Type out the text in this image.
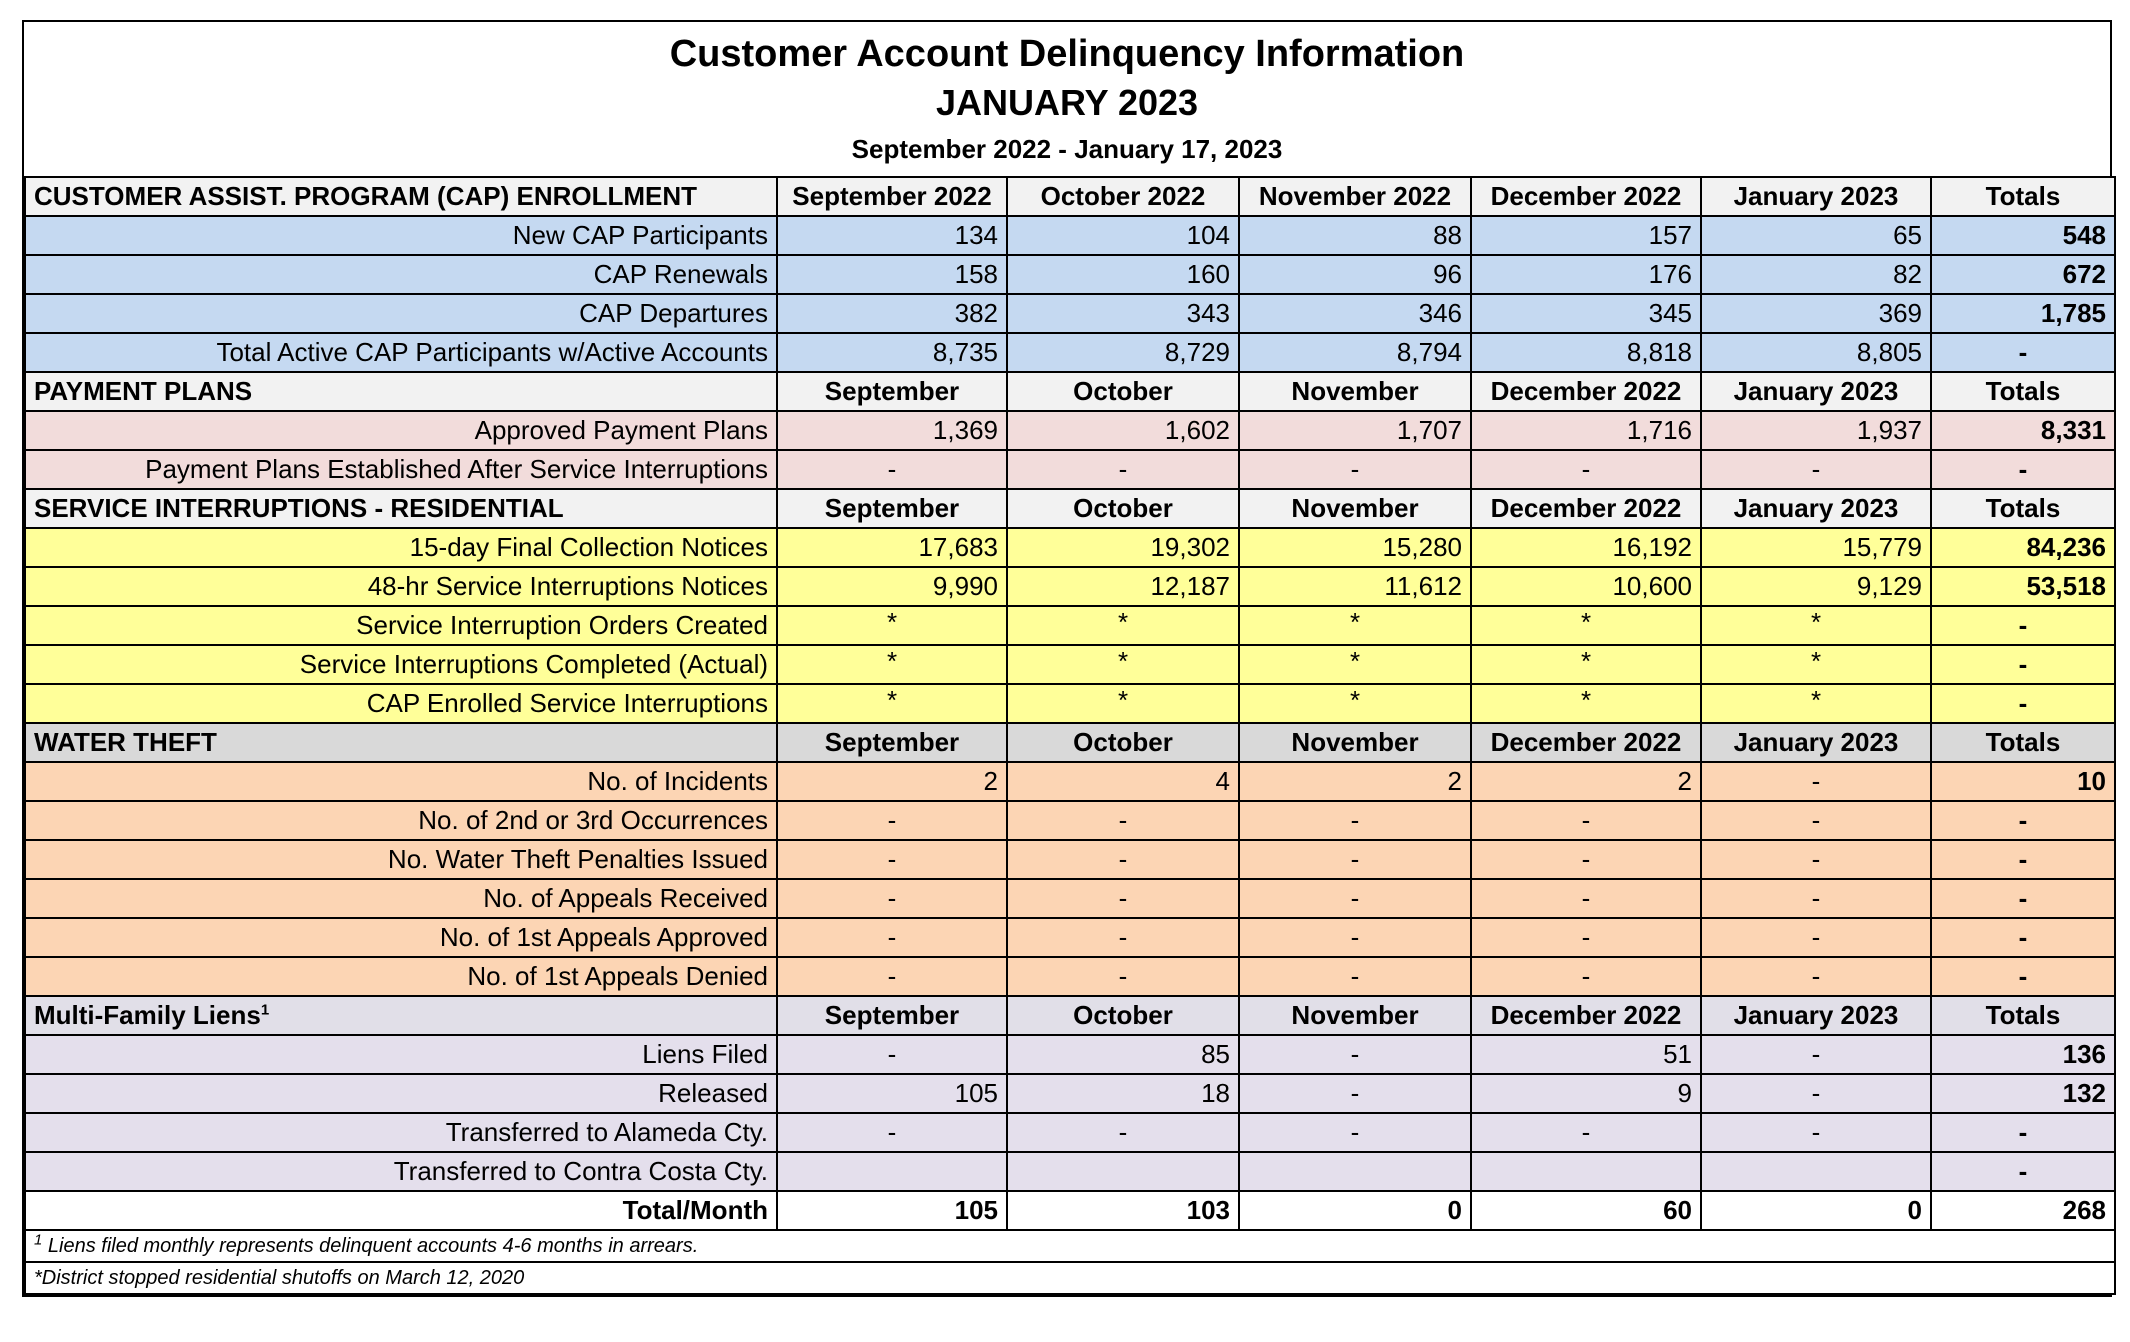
Customer Account Delinquency Information
JANUARY 2023
September 2022 - January 17, 2023
CUSTOMER ASSIST. PROGRAM (CAP) ENROLLMENT	September 2022	October 2022	November 2022	December 2022	January 2023	Totals
New CAP Participants	134	104	88	157	65	548
CAP Renewals	158	160	96	176	82	672
CAP Departures	382	343	346	345	369	1,785
Total Active CAP Participants w/Active Accounts	8,735	8,729	8,794	8,818	8,805	-
PAYMENT PLANS	September	October	November	December 2022	January 2023	Totals
Approved Payment Plans	1,369	1,602	1,707	1,716	1,937	8,331
Payment Plans Established After Service Interruptions	-	-	-	-	-	-
SERVICE INTERRUPTIONS - RESIDENTIAL	September	October	November	December 2022	January 2023	Totals
15-day Final Collection Notices	17,683	19,302	15,280	16,192	15,779	84,236
48-hr Service Interruptions Notices	9,990	12,187	11,612	10,600	9,129	53,518
Service Interruption Orders Created	*	*	*	*	*	-
Service Interruptions Completed (Actual)	*	*	*	*	*	-
CAP Enrolled Service Interruptions	*	*	*	*	*	-
WATER THEFT	September	October	November	December 2022	January 2023	Totals
No. of Incidents	2	4	2	2	-	10
No. of 2nd or 3rd Occurrences	-	-	-	-	-	-
No. Water Theft Penalties Issued	-	-	-	-	-	-
No. of Appeals Received	-	-	-	-	-	-
No. of 1st Appeals Approved	-	-	-	-	-	-
No. of 1st Appeals Denied	-	-	-	-	-	-
Multi-Family Liens$^1$	September	October	November	December 2022	January 2023	Totals
Liens Filed	-	85	-	51	-	136
Released	105	18	-	9	-	132
Transferred to Alameda Cty.	-	-	-	-	-	-
Transferred to Contra Costa Cty.						-
Total/Month	105	103	0	60	0	268
$^1$ Liens filed monthly represents delinquent accounts 4-6 months in arrears.						
*District stopped residential shutoffs on March 12, 2020						
